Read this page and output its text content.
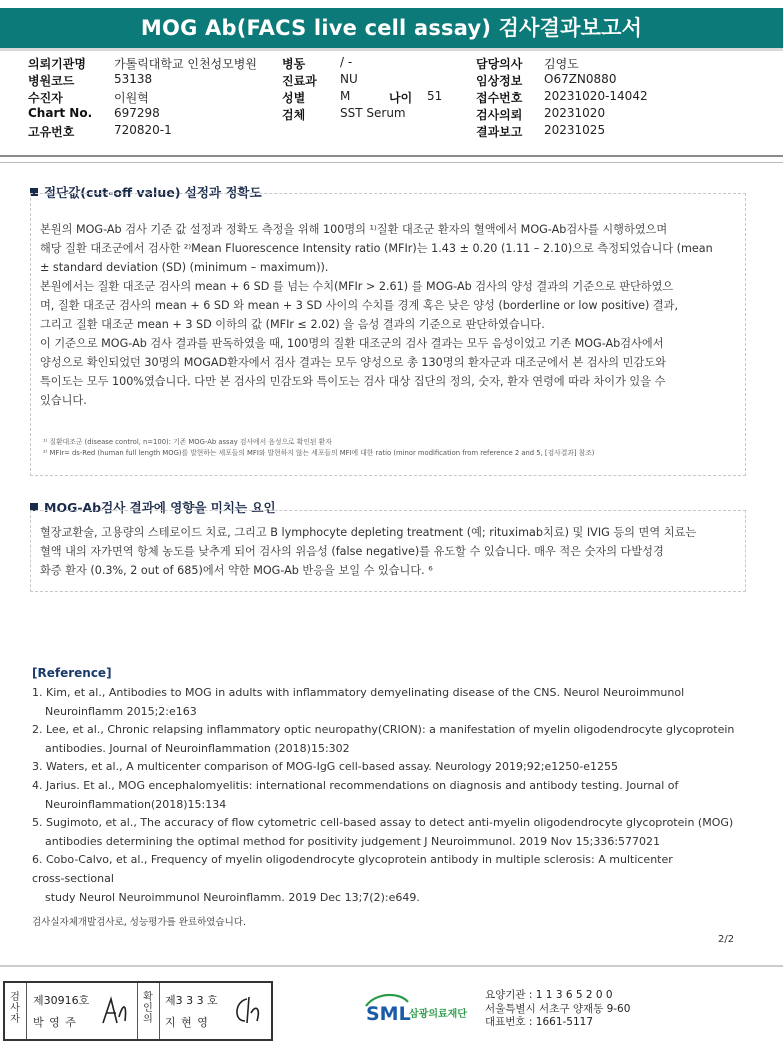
MOG Ab(FACS live cell assay) 검사결과보고서
의뢰기관명 가톨릭대학교 인천성모병원 병동	/ -	담당의사 김영도
병원코드	53138	진료과 NU	임상정보 O67ZN0880
수진자	이원혁	성별	M	나이 51	접수번호 20231020-14042
Chart No. 697298	검체	SST Serum	검사의뢰 20231020
고유번호	720820-1	결과보고 20231025
절단값(cut-off value) 설정과 정확도

본원의 MOG-Ab 검사 기준 값 설정과 정확도 측정을 위해 100명의 ¹⁾질환 대조군 환자의 혈액에서 MOG-Ab검사를 시행하였으며

해당 질환 대조군에서 검사한 ²⁾Mean Fluorescence Intensity ratio (MFIr)는 1.43 ± 0.20 (1.11 – 2.10)으로 측정되었습니다 (mean

± standard deviation (SD) (minimum – maximum)).

본원에서는 질환 대조군 검사의 mean + 6 SD 를 넘는 수치(MFIr > 2.61) 를 MOG-Ab 검사의 양성 결과의 기준으로 판단하였으

며, 질환 대조군 검사의 mean + 6 SD 와 mean + 3 SD 사이의 수치를 경계 혹은 낮은 양성 (borderline or low positive) 결과,

그리고 질환 대조군 mean + 3 SD 이하의 값 (MFIr ≤ 2.02) 을 음성 결과의 기준으로 판단하였습니다.

이 기준으로 MOG-Ab 검사 결과를 판독하였을 때, 100명의 질환 대조군의 검사 결과는 모두 음성이었고 기존 MOG-Ab검사에서

양성으로 확인되었던 30명의 MOGAD환자에서 검사 결과는 모두 양성으로 총 130명의 환자군과 대조군에서 본 검사의 민감도와

특이도는 모두 100%였습니다. 다만 본 검사의 민감도와 특이도는 검사 대상 집단의 정의, 숫자, 환자 연령에 따라 차이가 있을 수

있습니다.

¹⁾ 질환대조군 (disease control, n=100): 기존 MOG-Ab assay 검사에서 음성으로 확인된 환자

²⁾ MFIr= ds-Red (human full length MOG)를 발현하는 세포들의 MFI와 발현하지 않는 세포들의 MFI에 대한 ratio (minor modification from reference 2 and 5, [검사결과] 참조)

MOG-Ab검사 결과에 영향을 미치는 요인

혈장교환술, 고용량의 스테로이드 치료, 그리고 B lymphocyte depleting treatment (예; rituximab치료) 및 IVIG 등의 면역 치료는

혈액 내의 자가면역 항체 농도를 낮추게 되어 검사의 위음성 (false negative)를 유도할 수 있습니다. 매우 적은 숫자의 다발성경

화증 환자 (0.3%, 2 out of 685)에서 약한 MOG-Ab 반응을 보일 수 있습니다. ⁶

[Reference]

1. Kim, et al., Antibodies to MOG in adults with inflammatory demyelinating disease of the CNS. Neurol Neuroimmunol

Neuroinflamm 2015;2:e163

2. Lee, et al., Chronic relapsing inflammatory optic neuropathy(CRION): a manifestation of myelin oligodendrocyte glycoprotein

antibodies. Journal of Neuroinflammation (2018)15:302

3. Waters, et al., A multicenter comparison of MOG-IgG cell-based assay. Neurology 2019;92;e1250-e1255

4. Jarius. Et al., MOG encephalomyelitis: international recommendations on diagnosis and antibody testing. Journal of

Neuroinflammation(2018)15:134

5. Sugimoto, et al., The accuracy of flow cytometric cell-based assay to detect anti-myelin oligodendrocyte glycoprotein (MOG)

antibodies determining the optimal method for positivity judgement J Neuroimmunol. 2019 Nov 15;336:577021

6. Cobo-Calvo, et al., Frequency of myelin oligodendrocyte glycoprotein antibody in multiple sclerosis: A multicenter

cross-sectional

study Neurol Neuroimmunol Neuroinflamm. 2019 Dec 13;7(2):e649.

검사실자체개발검사로, 성능평가를 완료하였습니다.
2/2
검
사
자
제30916호
박 영 주
확
인
의
제3 3 3 호
지 현 영	SML
삼광의료재단

요양기관 : 1 1 3 6 5 2 0 0

서울특별시 서초구 양재동 9-60

대표번호 : 1661-5117
